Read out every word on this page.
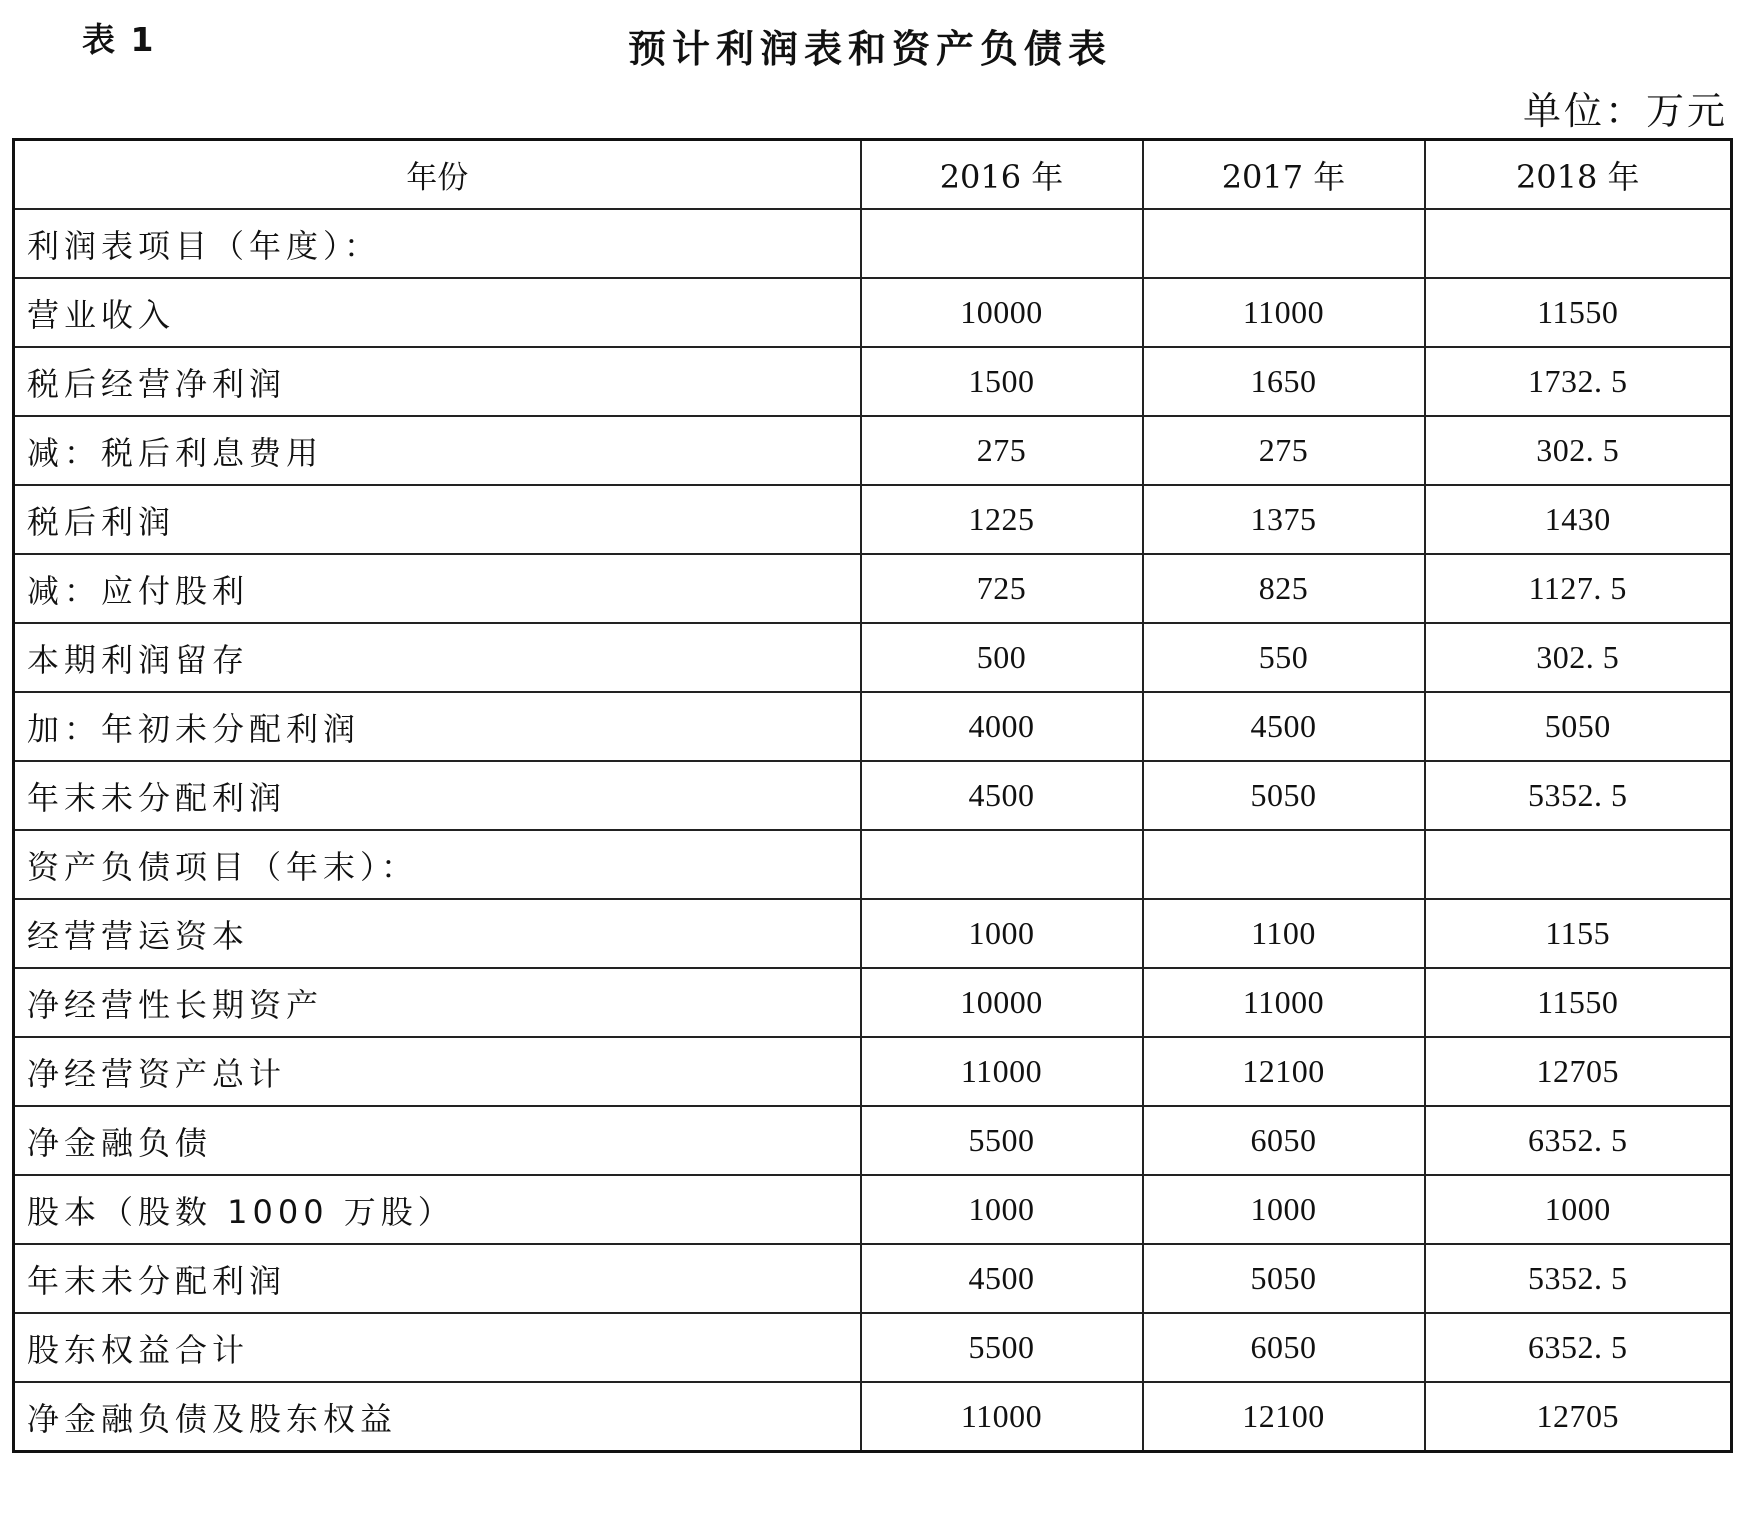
表 1	预计利润表和资产负债表
单位：万元
年份	2016 年	2017 年	2018 年
利润表项目（年度）：			
营业收入	10000	11000	11550
税后经营净利润	1500	1650	1732. 5
减：税后利息费用	275	275	302. 5
税后利润	1225	1375	1430
减：应付股利	725	825	1127. 5
本期利润留存	500	550	302. 5
加：年初未分配利润	4000	4500	5050
年末未分配利润	4500	5050	5352. 5
资产负债项目（年末）：			
经营营运资本	1000	1100	1155
净经营性长期资产	10000	11000	11550
净经营资产总计	11000	12100	12705
净金融负债	5500	6050	6352. 5
股本（股数 1000 万股）	1000	1000	1000
年末未分配利润	4500	5050	5352. 5
股东权益合计	5500	6050	6352. 5
净金融负债及股东权益	11000	12100	12705
